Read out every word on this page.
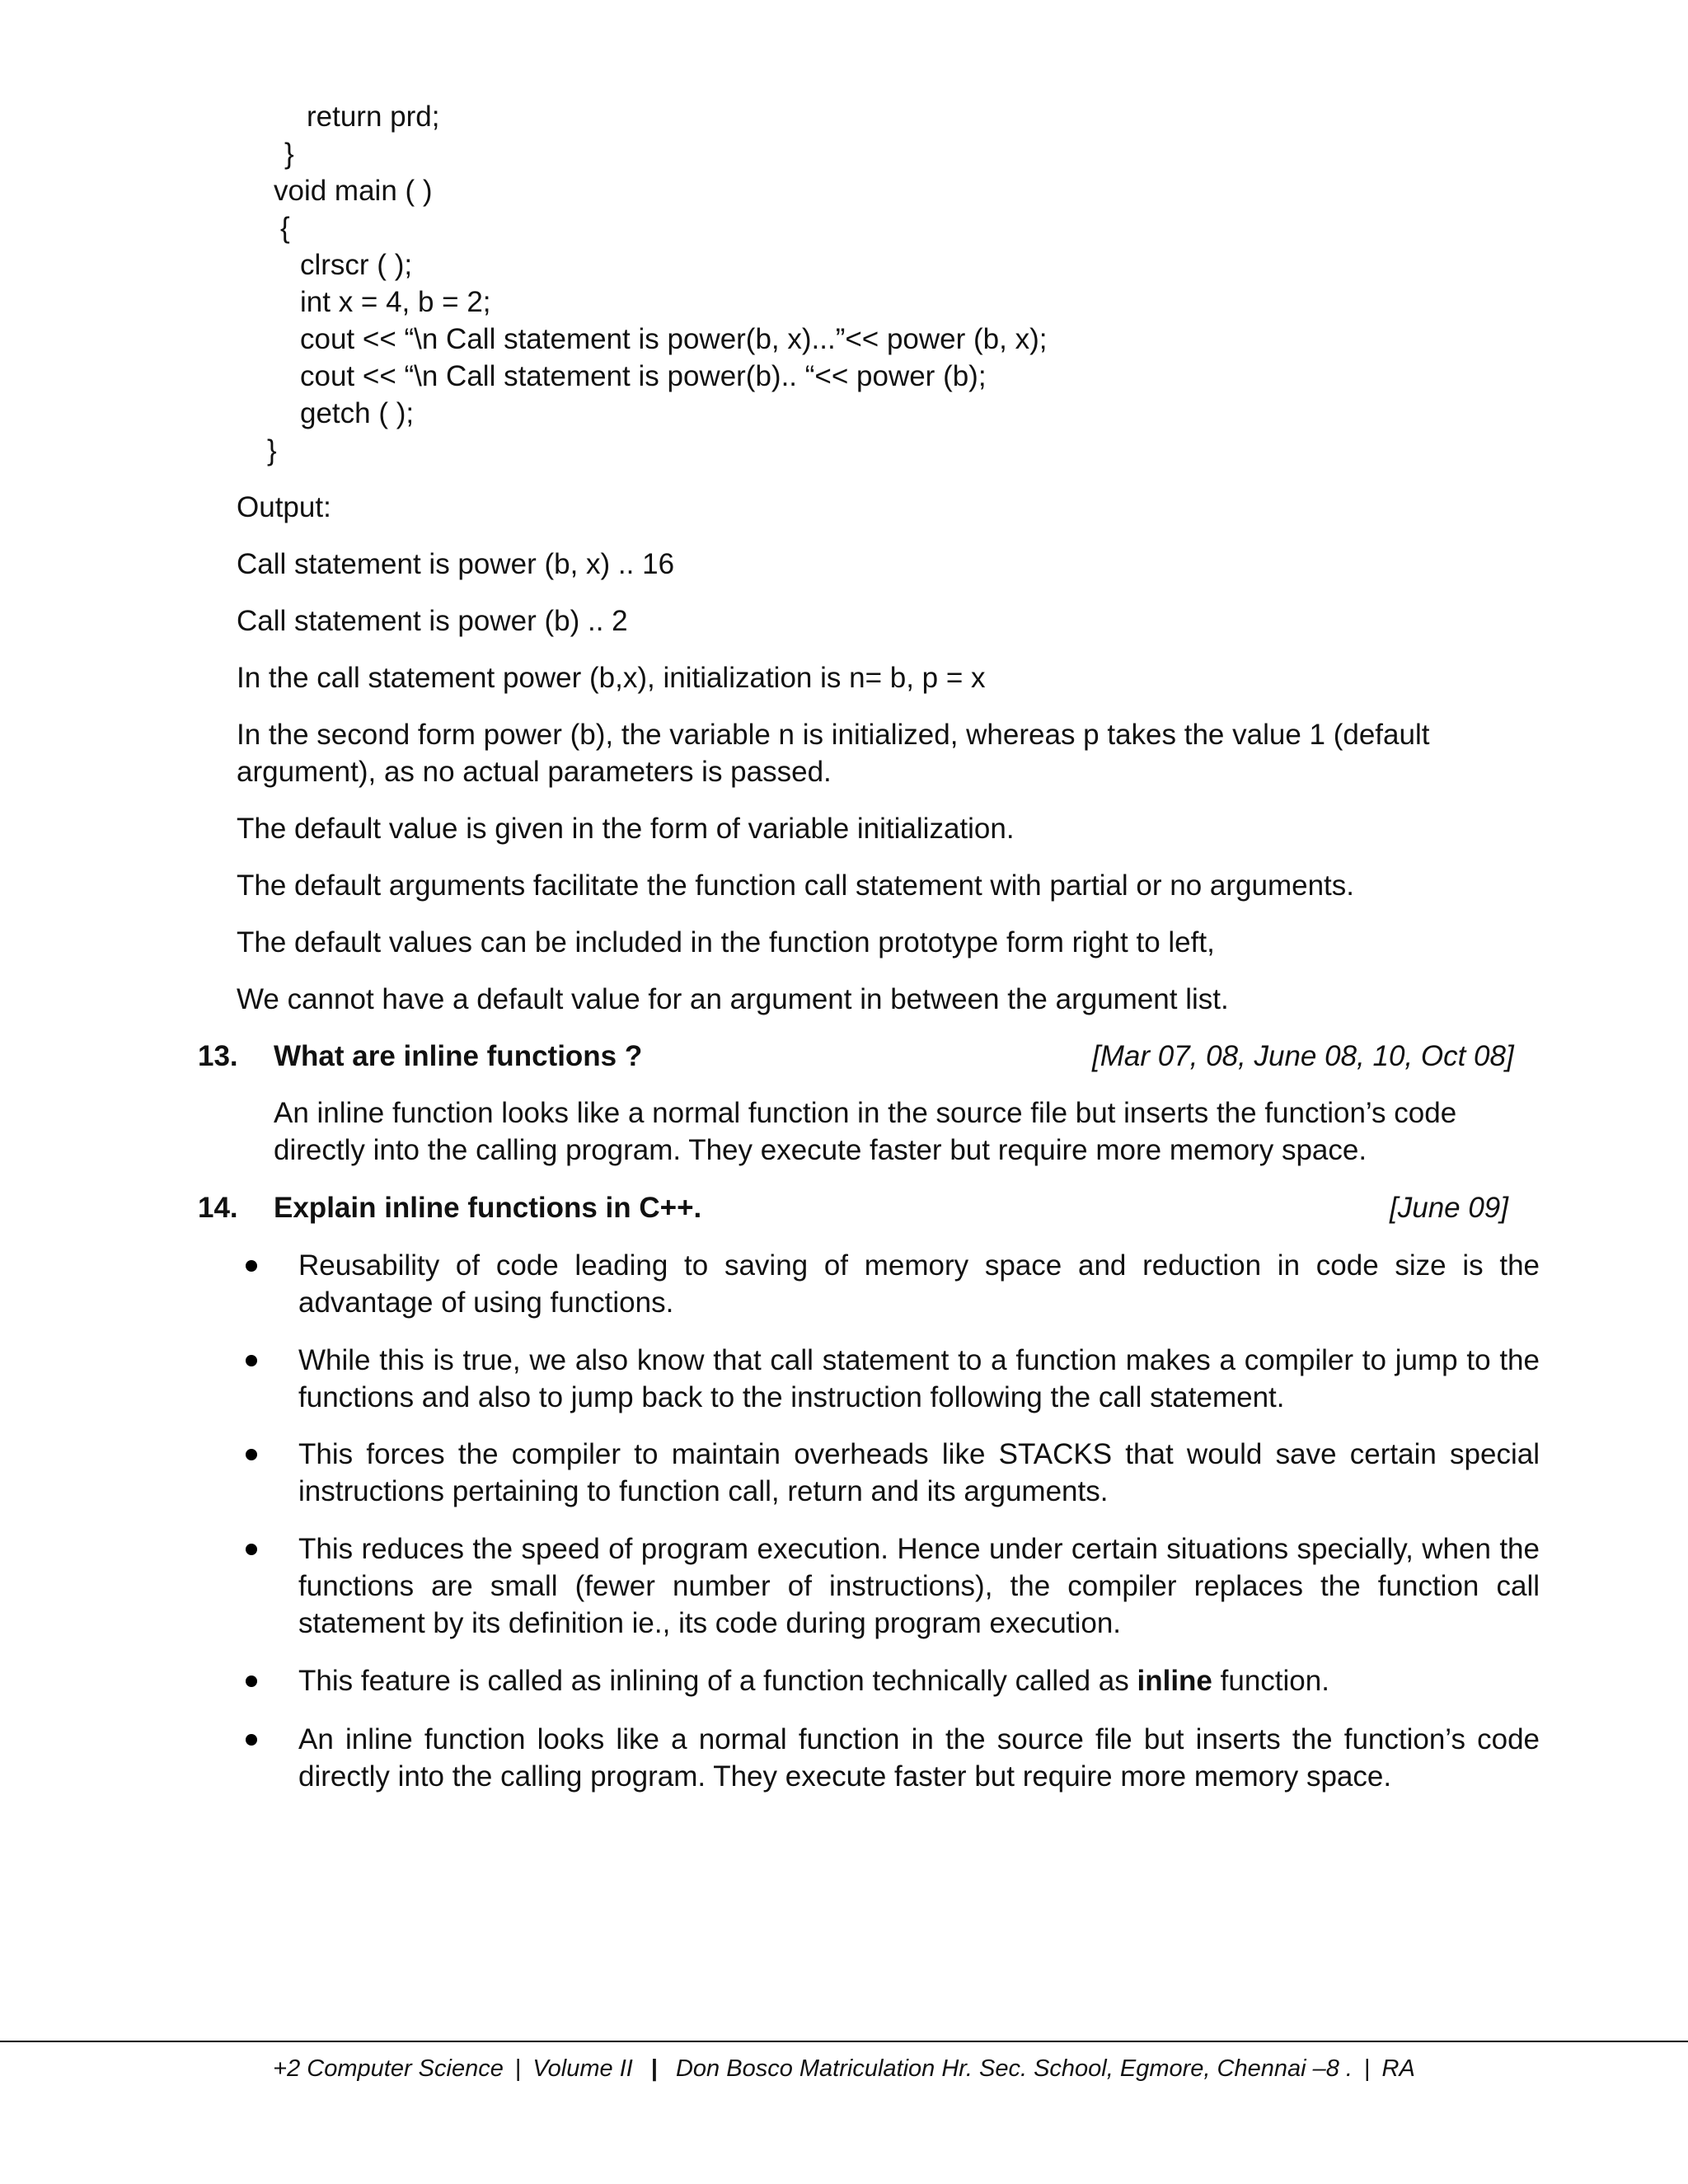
return prd;
}
void main ( )
{
clrscr ( );
int x = 4, b = 2;
cout << “\n Call statement is power(b, x)...”<< power (b, x);
cout << “\n Call statement is power(b).. “<< power (b);
getch ( );
}
Output:
Call statement is power (b, x) .. 16
Call statement is power (b) .. 2
In the call statement power (b,x), initialization is n= b, p = x
In the second form power (b), the variable n is initialized, whereas p takes the value 1 (default argument), as no actual parameters is passed.
The default value is given in the form of variable initialization.
The default arguments facilitate the function call statement with partial or no arguments.
The default values can be included in the function prototype form right to left,
We cannot have a default value for an argument in between the argument list.
13. What are inline functions ?	[Mar 07, 08, June 08, 10, Oct 08]
An inline function looks like a normal function in the source file but inserts the function’s code directly into the calling program. They execute faster but require more memory space.
14. Explain inline functions in C++.	[June 09]
Reusability of code leading to saving of memory space and reduction in code size is the advantage of using functions.
While this is true, we also know that call statement to a function makes a compiler to jump to the functions and also to jump back to the instruction following the call statement.
This forces the compiler to maintain overheads like STACKS that would save certain special instructions pertaining to function call, return and its arguments.
This reduces the speed of program execution. Hence under certain situations specially, when the functions are small (fewer number of instructions), the compiler replaces the function call statement by its definition ie., its code during program execution.
This feature is called as inlining of a function technically called as inline function.
An inline function looks like a normal function in the source file but inserts the function’s code directly into the calling program. They execute faster but require more memory space.
+2 Computer Science | Volume II | Don Bosco Matriculation Hr. Sec. School, Egmore, Chennai –8 . | RA
